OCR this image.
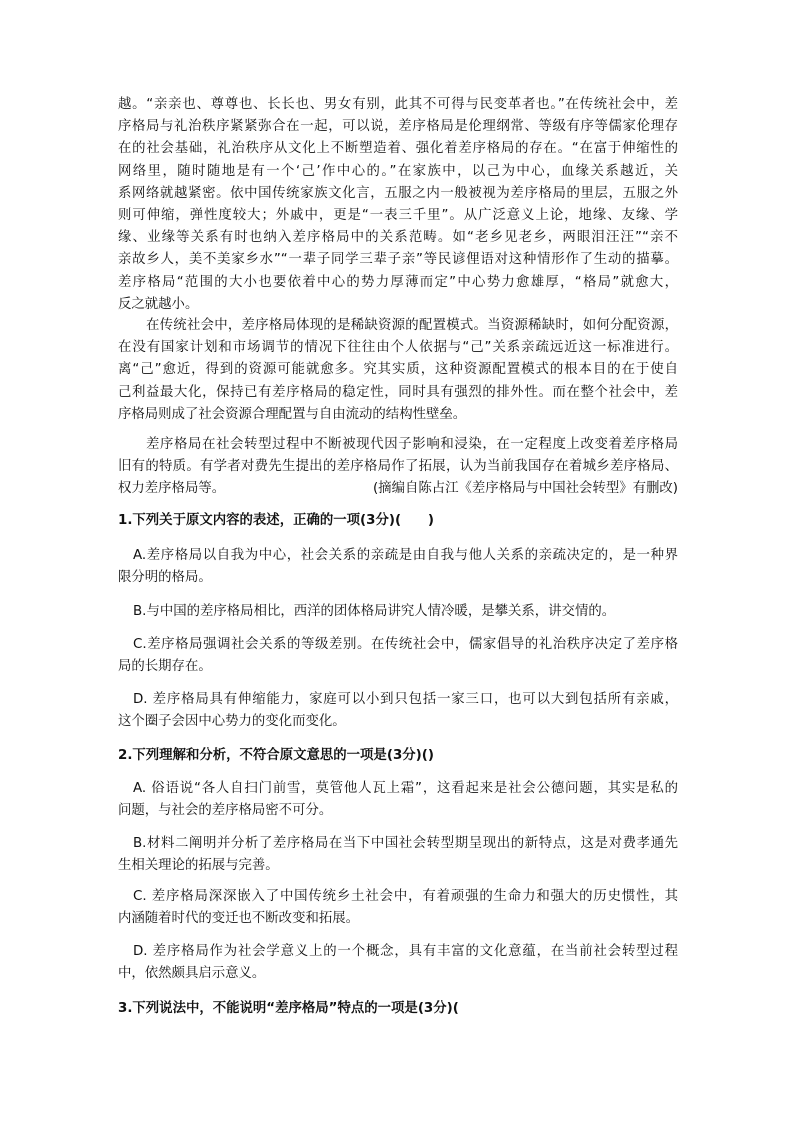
越。“亲亲也、尊尊也、长长也、男女有别，此其不可得与民变革者也。”在传统社会中，差
序格局与礼治秩序紧紧弥合在一起，可以说，差序格局是伦理纲常、等级有序等儒家伦理存
在的社会基础，礼治秩序从文化上不断塑造着、强化着差序格局的存在。“在富于伸缩性的
网络里，随时随地是有一个‘己’作中心的。”在家族中，以己为中心，血缘关系越近，关
系网络就越紧密。依中国传统家族文化言，五服之内一般被视为差序格局的里层，五服之外
则可伸缩，弹性度较大；外戚中，更是“一表三千里”。从广泛意义上论，地缘、友缘、学
缘、业缘等关系有时也纳入差序格局中的关系范畴。如“老乡见老乡，两眼泪汪汪”“亲不
亲故乡人，美不美家乡水”“一辈子同学三辈子亲”等民谚俚语对这种情形作了生动的描摹。
差序格局“范围的大小也要依着中心的势力厚薄而定”中心势力愈雄厚，“格局”就愈大，
反之就越小。
在传统社会中，差序格局体现的是稀缺资源的配置模式。当资源稀缺时，如何分配资源，
在没有国家计划和市场调节的情况下往往由个人依据与“己”关系亲疏远近这一标准进行。
离“己”愈近，得到的资源可能就愈多。究其实质，这种资源配置模式的根本目的在于使自
己利益最大化，保持已有差序格局的稳定性，同时具有强烈的排外性。而在整个社会中，差
序格局则成了社会资源合理配置与自由流动的结构性壁垒。
差序格局在社会转型过程中不断被现代因子影响和浸染，在一定程度上改变着差序格局
旧有的特质。有学者对费先生提出的差序格局作了拓展，认为当前我国存在着城乡差序格局、
权力差序格局等。	(摘编自陈占江《差序格局与中国社会转型》有删改)
1.下列关于原文内容的表述，正确的一项(3分)(　　)
A.差序格局以自我为中心，社会关系的亲疏是由自我与他人关系的亲疏决定的，是一种界
限分明的格局。
B.与中国的差序格局相比，西洋的团体格局讲究人情冷暖，是攀关系，讲交情的。
C.差序格局强调社会关系的等级差别。在传统社会中，儒家倡导的礼治秩序决定了差序格
局的长期存在。
D. 差序格局具有伸缩能力，家庭可以小到只包括一家三口，也可以大到包括所有亲戚，
这个圈子会因中心势力的变化而变化。
2.下列理解和分析，不符合原文意思的一项是(3分)()
A. 俗语说“各人自扫门前雪，莫管他人瓦上霜”，这看起来是社会公德问题，其实是私的
问题，与社会的差序格局密不可分。
B.材料二阐明并分析了差序格局在当下中国社会转型期呈现出的新特点，这是对费孝通先
生相关理论的拓展与完善。
C. 差序格局深深嵌入了中国传统乡土社会中，有着顽强的生命力和强大的历史惯性，其
内涵随着时代的变迁也不断改变和拓展。
D. 差序格局作为社会学意义上的一个概念，具有丰富的文化意蕴，在当前社会转型过程
中，依然颇具启示意义。
3.下列说法中，不能说明“差序格局”特点的一项是(3分)(
